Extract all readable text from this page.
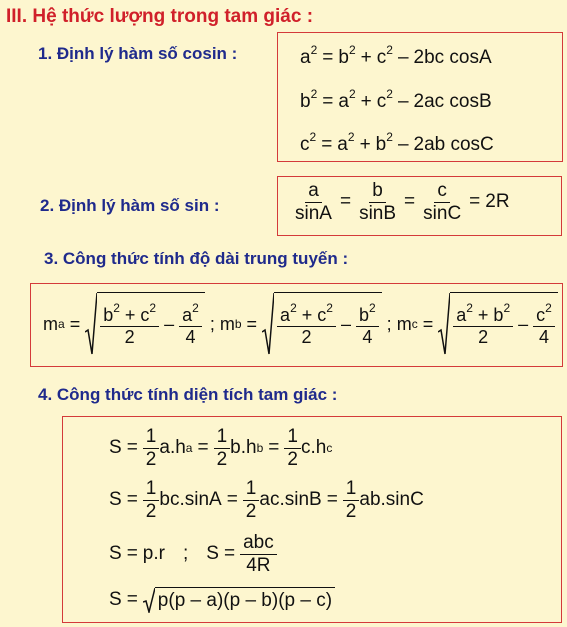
III. Hệ thức lượng trong tam giác :
1. Định lý hàm số cosin :	$a^2 = b^2 + c^2 - 2bc$ cosA
$b^2 = a^2 + c^2 - 2ac$ cosB
$c^2 = a^2 + b^2 - 2ab$ cosC
2. Định lý hàm số sin :	$\frac{a}{\sin A} = \frac{b}{\sin B} = \frac{c}{\sin C} = 2R$
3. Công thức tính độ dài trung tuyến :
m $a = \frac{b^2 + c^2}{2} - \frac{a^2}{4}$ ; m $b = \frac{a^2 + c^2}{2} - \frac{b^2}{4}$ ; m $c = \frac{a^2 + b^2}{2} - \frac{c^2}{4}$
4. Công thức tính diện tích tam giác :
$S = \frac{1}{2} a.h$ $a = \frac{1}{2} b.h$ $b = \frac{1}{2} c.h$ c
$S = \frac{1}{2} bc.\sin A = \frac{1}{2} ac.\sin B = \frac{1}{2} ab.\sin C$
S = p.r ; $S = \frac{\text{abc}}{4R}$
S = p(p – a)(p – b)(p – c)
